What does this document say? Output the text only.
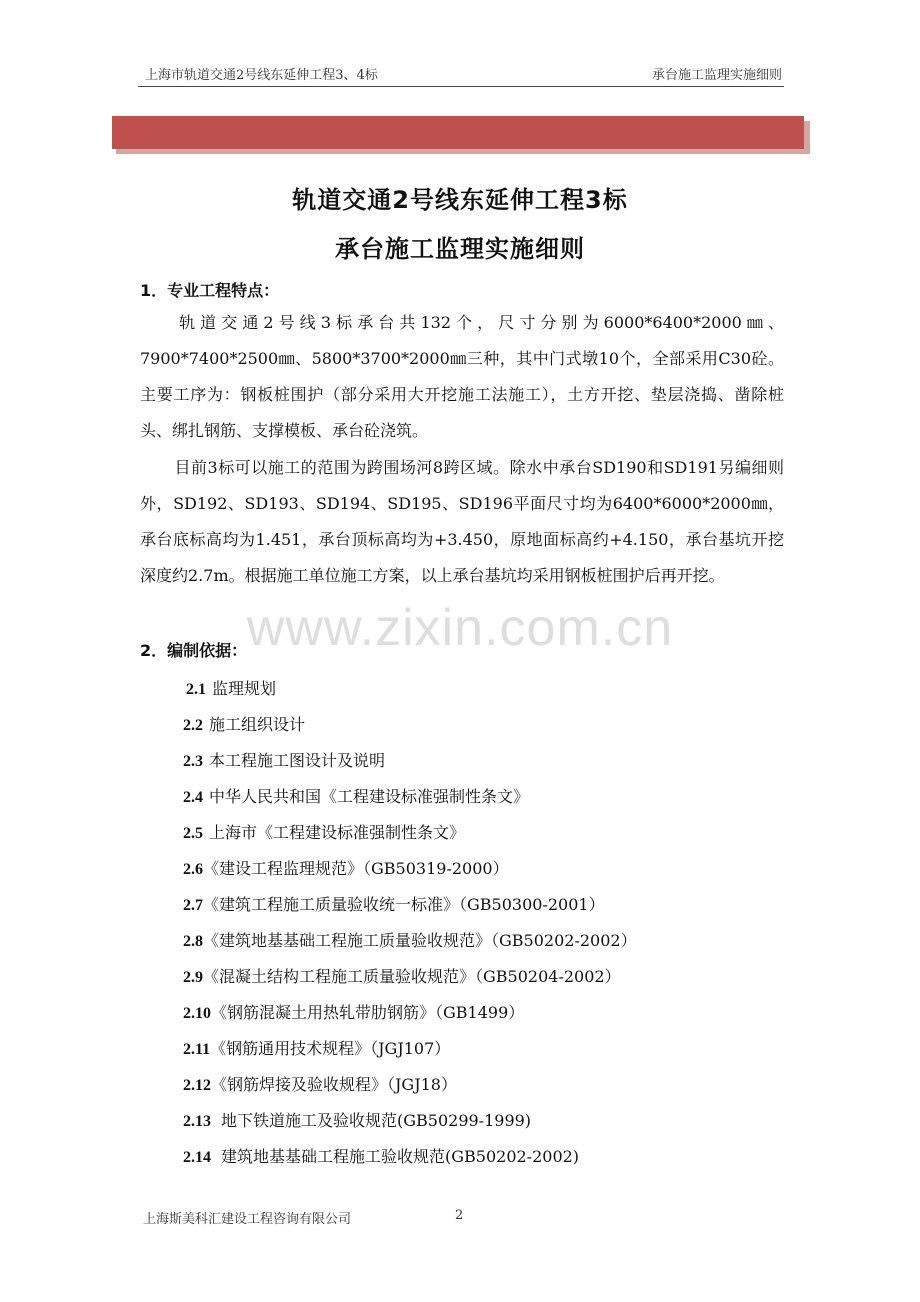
上海市轨道交通2号线东延伸工程3、4标	承台施工监理实施细则
轨道交通2号线东延伸工程3标
承台施工监理实施细则
1．专业工程特点：
轨道交通2号线3标承台共132个，尺寸分别为6000*6400*2000㎜、7900*7400*2500㎜、5800*3700*2000㎜三种，其中门式墩10个，全部采用C30砼。主要工序为：钢板桩围护（部分采用大开挖施工法施工），土方开挖、垫层浇捣、凿除桩头、绑扎钢筋、支撑模板、承台砼浇筑。
目前3标可以施工的范围为跨围场河8跨区域。除水中承台SD190和SD191另编细则外，SD192、SD193、SD194、SD195、SD196平面尺寸均为6400*6000*2000㎜，承台底标高均为1.451，承台顶标高均为+3.450，原地面标高约+4.150，承台基坑开挖深度约2.7m。根据施工单位施工方案，以上承台基坑均采用钢板桩围护后再开挖。
www.zixin.com.cn
2．编制依据：
2.1 监理规划
2.2 施工组织设计
2.3 本工程施工图设计及说明
2.4 中华人民共和国《工程建设标准强制性条文》
2.5 上海市《工程建设标准强制性条文》
2.6《建设工程监理规范》（GB50319-2000）
2.7《建筑工程施工质量验收统一标准》（GB50300-2001）
2.8《建筑地基基础工程施工质量验收规范》（GB50202-2002）
2.9《混凝土结构工程施工质量验收规范》（GB50204-2002）
2.10《钢筋混凝土用热轧带肋钢筋》（GB1499）
2.11《钢筋通用技术规程》（JGJ107）
2.12《钢筋焊接及验收规程》（JGJ18）
2.13 地下铁道施工及验收规范(GB50299-1999)
2.14 建筑地基基础工程施工验收规范(GB50202-2002)
上海斯美科汇建设工程咨询有限公司	2
